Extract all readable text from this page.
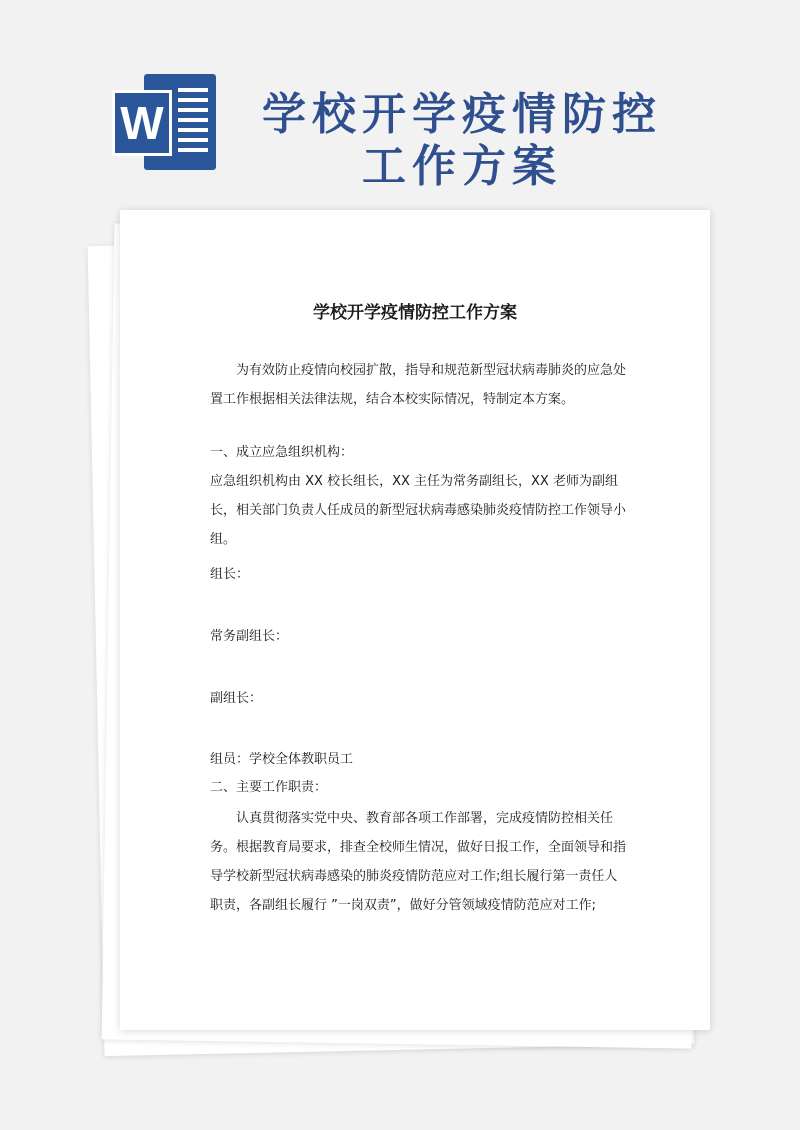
W	学校开学疫情防控
工作方案
学校开学疫情防控工作方案
为有效防止疫情向校园扩散，指导和规范新型冠状病毒肺炎的应急处置工作根据相关法律法规，结合本校实际情况，特制定本方案。
一、成立应急组织机构：
应急组织机构由 XX 校长组长，XX 主任为常务副组长，XX 老师为副组长，相关部门负责人任成员的新型冠状病毒感染肺炎疫情防控工作领导小组。
组长：
常务副组长：
副组长：
组员：学校全体教职员工
二、主要工作职责：
认真贯彻落实党中央、教育部各项工作部署，完成疫情防控相关任务。根据教育局要求，排查全校师生情况，做好日报工作，全面领导和指导学校新型冠状病毒感染的肺炎疫情防范应对工作;组长履行第一责任人职责，各副组长履行 ”一岗双责”，做好分管领域疫情防范应对工作;
